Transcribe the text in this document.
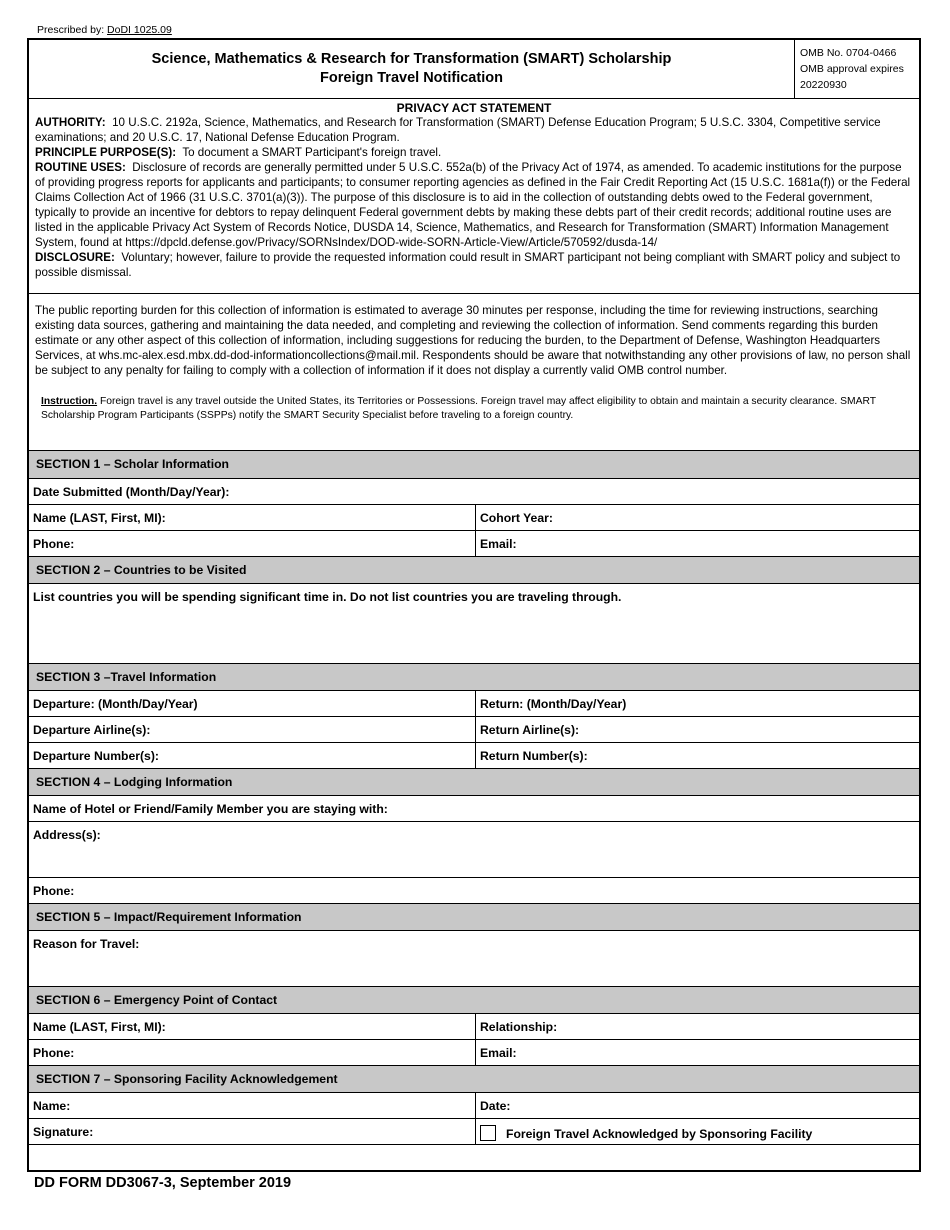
Prescribed by: DoDI 1025.09
Science, Mathematics & Research for Transformation (SMART) Scholarship
Foreign Travel Notification
OMB No. 0704-0466
OMB approval expires
20220930
PRIVACY ACT STATEMENT

AUTHORITY: 10 U.S.C. 2192a, Science, Mathematics, and Research for Transformation (SMART) Defense Education Program; 5 U.S.C. 3304, Competitive service examinations; and 20 U.S.C. 17, National Defense Education Program.

PRINCIPLE PURPOSE(S): To document a SMART Participant's foreign travel.

ROUTINE USES: Disclosure of records are generally permitted under 5 U.S.C. 552a(b) of the Privacy Act of 1974, as amended. To academic institutions for the purpose of providing progress reports for applicants and participants; to consumer reporting agencies as defined in the Fair Credit Reporting Act (15 U.S.C. 1681a(f)) or the Federal Claims Collection Act of 1966 (31 U.S.C. 3701(a)(3)). The purpose of this disclosure is to aid in the collection of outstanding debts owed to the Federal government, typically to provide an incentive for debtors to repay delinquent Federal government debts by making these debts part of their credit records; additional routine uses are listed in the applicable Privacy Act System of Records Notice, DUSDA 14, Science, Mathematics, and Research for Transformation (SMART) Information Management System, found at https://dpcld.defense.gov/Privacy/SORNsIndex/DOD-wide-SORN-Article-View/Article/570592/dusda-14/

DISCLOSURE: Voluntary; however, failure to provide the requested information could result in SMART participant not being compliant with SMART policy and subject to possible dismissal.

The public reporting burden for this collection of information is estimated to average 30 minutes per response, including the time for reviewing instructions, searching existing data sources, gathering and maintaining the data needed, and completing and reviewing the collection of information. Send comments regarding this burden estimate or any other aspect of this collection of information, including suggestions for reducing the burden, to the Department of Defense, Washington Headquarters Services, at whs.mc-alex.esd.mbx.dd-dod-informationcollections@mail.mil. Respondents should be aware that notwithstanding any other provisions of law, no person shall be subject to any penalty for failing to comply with a collection of information if it does not display a currently valid OMB control number.

Instruction. Foreign travel is any travel outside the United States, its Territories or Possessions. Foreign travel may affect eligibility to obtain and maintain a security clearance. SMART Scholarship Program Participants (SSPPs) notify the SMART Security Specialist before traveling to a foreign country.
SECTION 1 – Scholar Information
Date Submitted (Month/Day/Year):
Name (LAST, First, MI):	Cohort Year:
Phone:	Email:
SECTION 2 – Countries to be Visited
List countries you will be spending significant time in. Do not list countries you are traveling through.
SECTION 3 –Travel Information
Departure: (Month/Day/Year)	Return: (Month/Day/Year)
Departure Airline(s):	Return Airline(s):
Departure Number(s):	Return Number(s):
SECTION 4 – Lodging Information
Name of Hotel or Friend/Family Member you are staying with:
Address(s):
Phone:
SECTION 5 – Impact/Requirement Information
Reason for Travel:
SECTION 6 – Emergency Point of Contact
Name (LAST, First, MI):	Relationship:
Phone:	Email:
SECTION 7 – Sponsoring Facility Acknowledgement
Name:	Date:
Signature:	Foreign Travel Acknowledged by Sponsoring Facility
DD FORM DD3067-3, September 2019
